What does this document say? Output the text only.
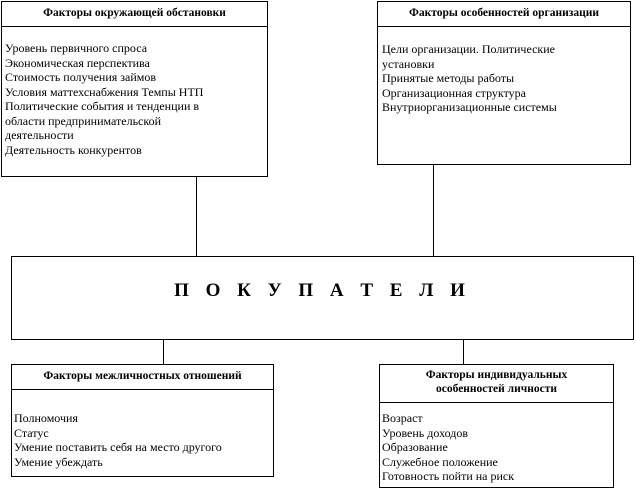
Факторы окружающей обстановки
Уровень первичного спроса
Экономическая перспектива
Стоимость получения займов
Условия маттехснабжения Темпы НТП
Политические события и тенденции в
области предпринимательской
деятельности
Деятельность конкурентов
Факторы особенностей организации
Цели организации. Политические
установки
Принятые методы работы
Организационная структура
Внутриорганизационные системы
П О К У П А Т Е Л И
Факторы межличностных отношений
Полномочия
Статус
Умение поставить себя на место другого
Умение убеждать
Факторы индивидуальных
особенностей личности
Возраст
Уровень доходов
Образование
Служебное положение
Готовность пойти на риск
